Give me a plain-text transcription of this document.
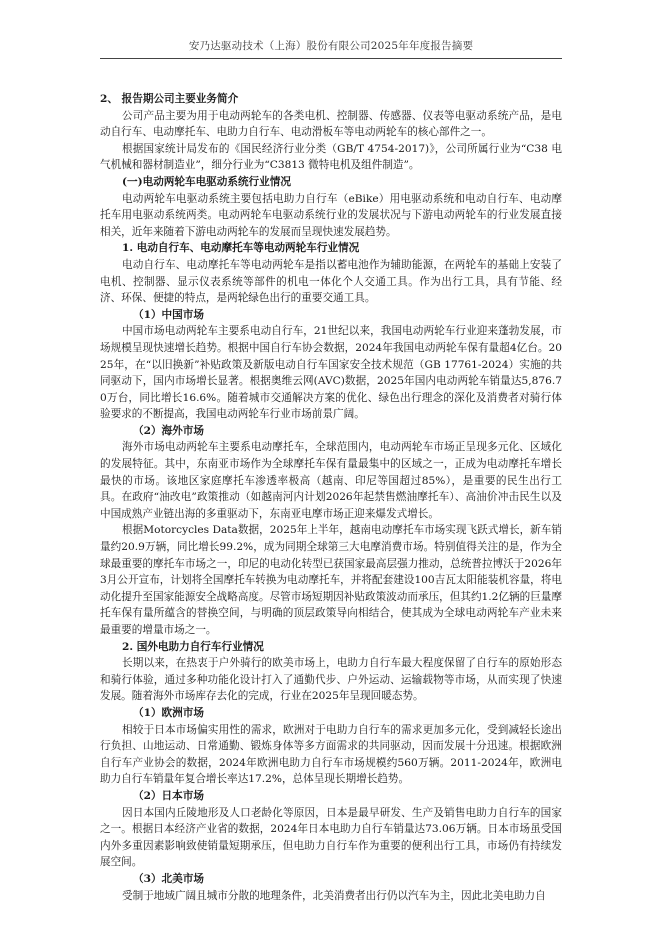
安乃达驱动技术（上海）股份有限公司2025年年度报告摘要

2、 报告期公司主要业务简介

公司产品主要为用于电动两轮车的各类电机、控制器、传感器、仪表等电驱动系统产品，是电动自行车、电动摩托车、电助力自行车、电动滑板车等电动两轮车的核心部件之一。

根据国家统计局发布的《国民经济行业分类（GB/T 4754-2017)》，公司所属行业为“C38 电气机械和器材制造业”，细分行业为“C3813 微特电机及组件制造”。

(一)电动两轮车电驱动系统行业情况

电动两轮车电驱动系统主要包括电助力自行车（eBike）用电驱动系统和电动自行车、电动摩托车用电驱动系统两类。电动两轮车电驱动系统行业的发展状况与下游电动两轮车的行业发展直接相关，近年来随着下游电动两轮车的发展而呈现快速发展趋势。

1. 电动自行车、电动摩托车等电动两轮车行业情况

电动自行车、电动摩托车等电动两轮车是指以蓄电池作为辅助能源，在两轮车的基础上安装了电机、控制器、显示仪表系统等部件的机电一体化个人交通工具。作为出行工具，具有节能、经济、环保、便捷的特点，是两轮绿色出行的重要交通工具。

（1）中国市场

中国市场电动两轮车主要系电动自行车，21世纪以来，我国电动两轮车行业迎来蓬勃发展，市场规模呈现快速增长趋势。根据中国自行车协会数据，2024年我国电动两轮车保有量超4亿台。2025年，在“以旧换新”补贴政策及新版电动自行车国家安全技术规范（GB 17761-2024）实施的共同驱动下，国内市场增长显著。根据奥维云网(AVC)数据，2025年国内电动两轮车销量达5,876.70万台，同比增长16.6%。随着城市交通解决方案的优化、绿色出行理念的深化及消费者对骑行体验要求的不断提高，我国电动两轮车行业市场前景广阔。

（2）海外市场

海外市场电动两轮车主要系电动摩托车，全球范围内，电动两轮车市场正呈现多元化、区域化的发展特征。其中，东南亚市场作为全球摩托车保有量最集中的区域之一，正成为电动摩托车增长最快的市场。该地区家庭摩托车渗透率极高（越南、印尼等国超过85%），是重要的民生出行工具。在政府“油改电”政策推动（如越南河内计划2026年起禁售燃油摩托车）、高油价冲击民生以及中国成熟产业链出海的多重驱动下，东南亚电摩市场正迎来爆发式增长。

根据Motorcycles Data数据，2025年上半年，越南电动摩托车市场实现飞跃式增长，新车销量约20.9万辆，同比增长99.2%，成为同期全球第三大电摩消费市场。特别值得关注的是，作为全球最重要的摩托车市场之一，印尼的电动化转型已获国家最高层强力推动，总统普拉博沃于2026年3月公开宣布，计划将全国摩托车转换为电动摩托车，并将配套建设100吉瓦太阳能装机容量，将电动化提升至国家能源安全战略高度。尽管市场短期因补贴政策波动而承压，但其约1.2亿辆的巨量摩托车保有量所蕴含的替换空间，与明确的顶层政策导向相结合，使其成为全球电动两轮车产业未来最重要的增量市场之一。

2. 国外电助力自行车行业情况

长期以来，在热衷于户外骑行的欧美市场上，电助力自行车最大程度保留了自行车的原始形态和骑行体验，通过多种功能化设计打入了通勤代步、户外运动、运输载物等市场，从而实现了快速发展。随着海外市场库存去化的完成，行业在2025年呈现回暖态势。

（1）欧洲市场

相较于日本市场偏实用性的需求，欧洲对于电助力自行车的需求更加多元化，受到减轻长途出行负担、山地运动、日常通勤、锻炼身体等多方面需求的共同驱动，因而发展十分迅速。根据欧洲自行车产业协会的数据，2024年欧洲电助力自行车市场规模约560万辆。2011-2024年，欧洲电助力自行车销量年复合增长率达17.2%，总体呈现长期增长趋势。

（2）日本市场

因日本国内丘陵地形及人口老龄化等原因，日本是最早研发、生产及销售电助力自行车的国家之一。根据日本经济产业省的数据，2024年日本电助力自行车销量达73.06万辆。日本市场虽受国内外多重因素影响致使销量短期承压，但电助力自行车作为重要的便利出行工具，市场仍有持续发展空间。

（3）北美市场

受制于地域广阔且城市分散的地理条件，北美消费者出行仍以汽车为主，因此北美电助力自
